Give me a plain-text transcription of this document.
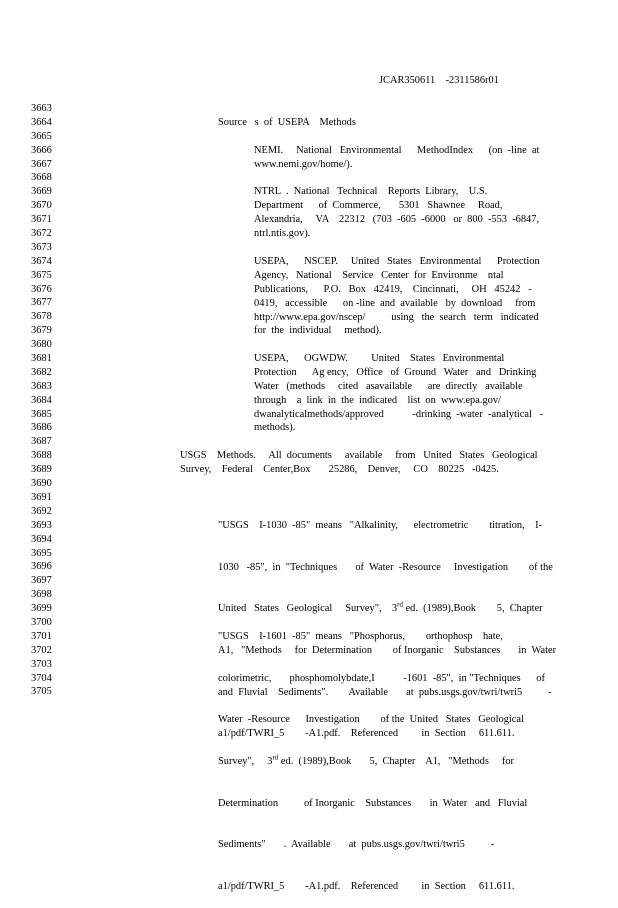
JCAR350611    -2311586r01
3663
3664
3665
3666
3667
3668
3669
3670
3671
3672
3673
3674
3675
3676
3677
3678
3679
3680
3681
3682
3683
3684
3685
3686
3687
3688
3689
3690
3691
3692
3693
3694
3695
3696
3697
3698
3699
3700
3701
3702
3703
3704
3705
Source   s  of  USEPA    Methods
NEMI.     National   Environmental      MethodIndex      (on  -line  at
www.nemi.gov/home/).
NTRL  .  National   Technical    Reports  Library,    U.S.
Department      of  Commerce,       5301   Shawnee     Road,
Alexandria,     VA    22312   (703  -605  -6000   or  800  -553  -6847,
ntrl.ntis.gov).
USEPA,      NSCEP.     United   States   Environmental      Protection
Agency,   National    Service   Center  for  Environme    ntal
Publications,      P.O.   Box   42419,    Cincinnati,     OH   45242   -
0419,   accessible      on -line  and  available   by  download     from
http://www.epa.gov/nscep/          using   the  search   term   indicated
for  the  individual     method).
USEPA,      OGWDW.         United    States   Environmental
Protection      Ag ency,   Office   of  Ground   Water   and   Drinking
Water   (methods     cited   asavailable      are  directly   available
through    a  link  in  the  indicated    list  on  www.epa.gov/
dwanalyticalmethods/approved           -drinking  -water  -analytical   -
methods).
USGS    Methods.     All  documents     available     from   United   States   Geological
Survey,    Federal    Center,Box       25286,    Denver,     CO    80225   -0425.

"USGS    I-1030  -85"  means   "Alkalinity,      electrometric        titration,    I-

1030   -85",  in  "Techniques       of  Water  -Resource     Investigation        of the

United   States   Geological     Survey",    3rd ed.  (1989),Book        5,  Chapter

A1,   "Methods     for  Determination        of Inorganic    Substances       in  Water

and  Fluvial    Sediments".        Available       at  pubs.usgs.gov/twri/twri5          -

a1/pdf/TWRI_5        -A1.pdf.    Referenced         in  Section     611.611.

"USGS    I-1601  -85"  means   "Phosphorus,        orthophosp    hate,

colorimetric,       phosphomolybdate,I           -1601  -85",  in "Techniques      of

Water  -Resource      Investigation        of the  United   States   Geological

Survey",     3rd ed.  (1989),Book       5,  Chapter    A1,   "Methods     for

Determination          of Inorganic    Substances       in  Water   and   Fluvial

Sediments"       .  Available       at  pubs.usgs.gov/twri/twri5          -

a1/pdf/TWRI_5        -A1.pdf.    Referenced         in  Section     611.611.
